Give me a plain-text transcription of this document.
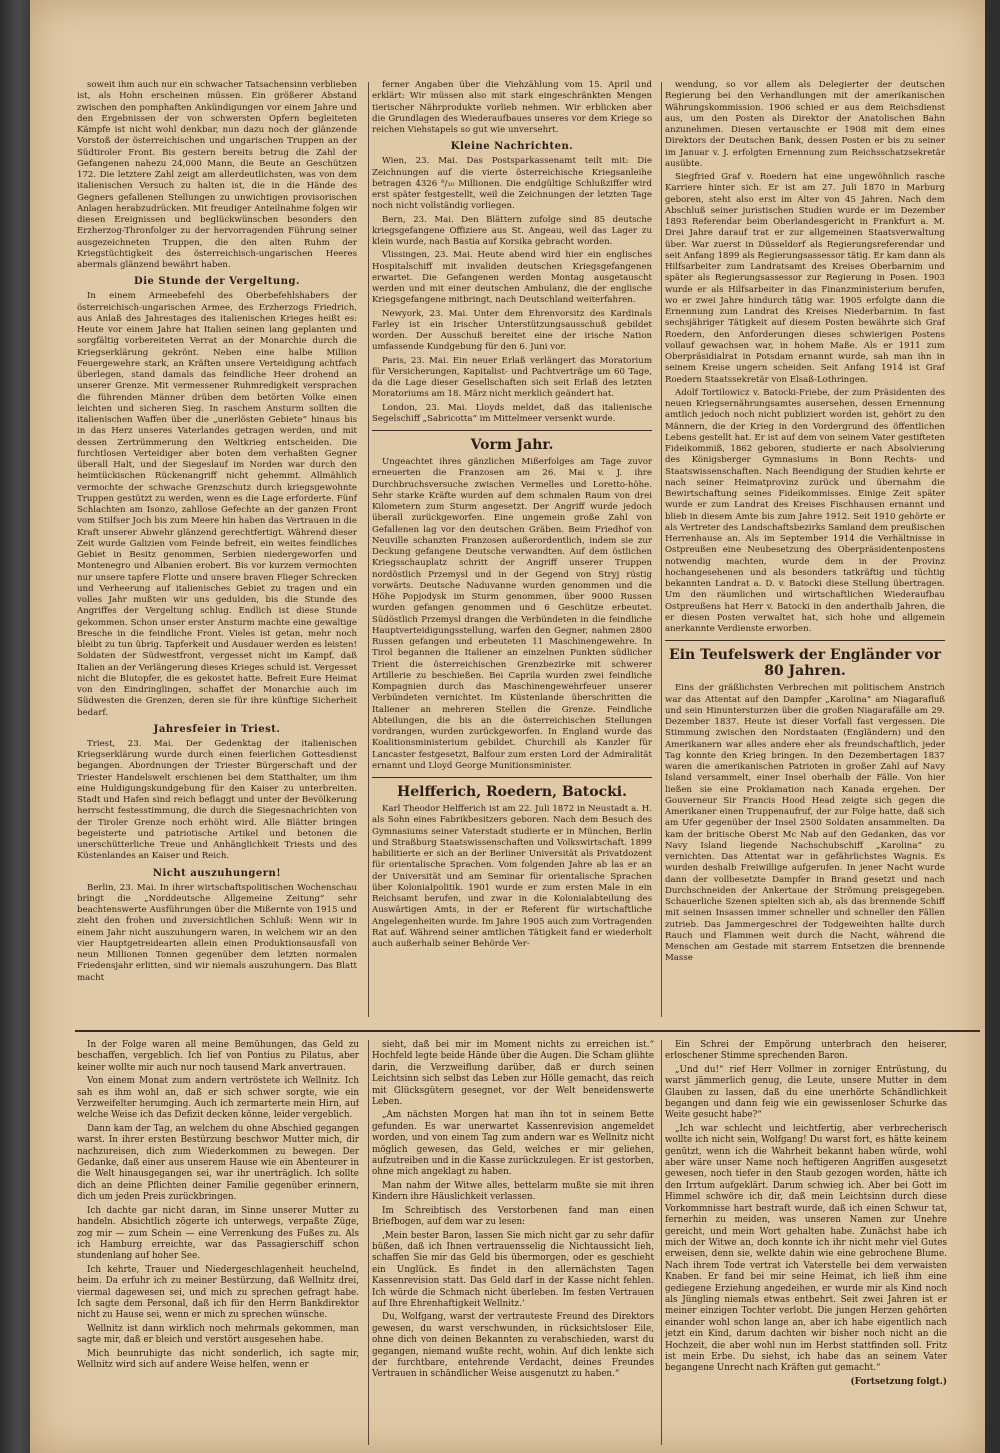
soweit ihm auch nur ein schwacher Tatsachensinn verblieben ist, als Hohn erscheinen müssen. Ein größerer Abstand zwischen den pomphaften Ankündigungen vor einem Jahre und den Ergebnissen der von schwersten Opfern begleiteten Kämpfe ist nicht wohl denkbar, nun dazu noch der glänzende Vorstoß der österreichischen und ungarischen Truppen an der Südtiroler Front. Bis gestern bereits betrug die Zahl der Gefangenen nahezu 24,000 Mann, die Beute an Geschützen 172. Die letztere Zahl zeigt am allerdeutlichsten, was von dem italienischen Versuch zu halten ist, die in die Hände des Gegners gefallenen Stellungen zu unwichtigen provisorischen Anlagen herabzudrücken. Mit freudiger Anteilnahme folgen wir diesen Ereignissen und beglückwünschen besonders den Erzherzog-Thronfolger zu der hervorragenden Führung seiner ausgezeichneten Truppen, die den alten Ruhm der Kriegstüchtigkeit des österreichisch-ungarischen Heeres abermals glänzend bewährt haben.

Die Stunde der Vergeltung.

In einem Armeebefehl des Oberbefehlshabers der österreichisch-ungarischen Armee, des Erzherzogs Friedrich, aus Anlaß des Jahrestages des italienischen Krieges heißt es: Heute vor einem Jahre hat Italien seinen lang geplanten und sorgfältig vorbereiteten Verrat an der Monarchie durch die Kriegserklärung gekrönt. Neben eine halbe Million Feuergewehre stark, an Kräften unsere Verteidigung achtfach überlegen, stand damals das feindliche Heer drohend an unserer Grenze. Mit vermessener Ruhmredigkeit versprachen die führenden Männer drüben dem betörten Volke einen leichten und sicheren Sieg. In raschem Ansturm sollten die italienischen Waffen über die „unerlösten Gebiete“ hinaus bis in das Herz unseres Vaterlandes getragen werden, und mit dessen Zertrümmerung den Weltkrieg entscheiden. Die furchtlosen Verteidiger aber boten dem verhaßten Gegner überall Halt, und der Siegeslauf im Norden war durch den heimtückischen Rückenangriff nicht gehemmt. Allmählich vermochte der schwache Grenzschutz durch kriegsgewohnte Truppen gestützt zu werden, wenn es die Lage erforderte. Fünf Schlachten am Isonzo, zahllose Gefechte an der ganzen Front vom Stilfser Joch bis zum Meere hin haben das Vertrauen in die Kraft unserer Abwehr glänzend gerechtfertigt. Während dieser Zeit wurde Galizien vom Feinde befreit, ein weites feindliches Gebiet in Besitz genommen, Serbien niedergeworfen und Montenegro und Albanien erobert. Bis vor kurzem vermochten nur unsere tapfere Flotte und unsere braven Flieger Schrecken und Verheerung auf italienisches Gebiet zu tragen und ein volles Jahr mußten wir uns gedulden, bis die Stunde des Angriffes der Vergeltung schlug. Endlich ist diese Stunde gekommen. Schon unser erster Ansturm machte eine gewaltige Bresche in die feindliche Front. Vieles ist getan, mehr noch bleibt zu tun übrig. Tapferkeit und Ausdauer werden es leisten! Soldaten der Südwestfront, vergesset nicht im Kampf, daß Italien an der Verlängerung dieses Krieges schuld ist. Vergesset nicht die Blutopfer, die es gekostet hatte. Befreit Eure Heimat von den Eindringlingen, schaffet der Monarchie auch im Südwesten die Grenzen, deren sie für ihre künftige Sicherheit bedarf.

Jahresfeier in Triest.

Triest, 23. Mai. Der Gedenktag der italienischen Kriegserklärung wurde durch einen feierlichen Gottesdienst begangen. Abordnungen der Triester Bürgerschaft und der Triester Handelswelt erschienen bei dem Statthalter, um ihm eine Huldigungskundgebung für den Kaiser zu unterbreiten. Stadt und Hafen sind reich beflaggt und unter der Bevölkerung herrscht festesstimmung, die durch die Siegesnachrichten von der Tiroler Grenze noch erhöht wird. Alle Blätter bringen begeisterte und patriotische Artikel und betonen die unerschütterliche Treue und Anhänglichkeit Triests und des Küstenlandes an Kaiser und Reich.

Nicht auszuhungern!

Berlin, 23. Mai. In ihrer wirtschaftspolitischen Wochenschau bringt die „Norddeutsche Allgemeine Zeitung“ sehr beachtenswerte Ausführungen über die Mißernte von 1915 und zieht den frohen und zuversichtlichen Schluß: Wenn wir in einem Jahr nicht auszuhungern waren, in welchem wir an den vier Hauptgetreidearten allein einen Produktionsausfall von neun Millionen Tonnen gegenüber dem letzten normalen Friedensjahr erlitten, sind wir niemals auszuhungern. Das Blatt macht

ferner Angaben über die Viehzählung vom 15. April und erklärt: Wir müssen also mit stark eingeschränkten Mengen tierischer Nährprodukte vorlieb nehmen. Wir erblicken aber die Grundlagen des Wiederaufbaues unseres vor dem Kriege so reichen Viehstapels so gut wie unversehrt.

Kleine Nachrichten.

Wien, 23. Mai. Das Postsparkassenamt teilt mit: Die Zeichnungen auf die vierte österreichische Kriegsanleihe betragen 4326 ⁸/₁₀ Millionen. Die endgültige Schlußziffer wird erst später festgestellt, weil die Zeichnungen der letzten Tage noch nicht vollständig vorliegen.

Bern, 23. Mai. Den Blättern zufolge sind 85 deutsche kriegsgefangene Offiziere aus St. Angeau, weil das Lager zu klein wurde, nach Bastia auf Korsika gebracht worden.

Vlissingen, 23. Mai. Heute abend wird hier ein englisches Hospitalschiff mit invaliden deutschen Kriegsgefangenen erwartet. Die Gefangenen werden Montag ausgetauscht werden und mit einer deutschen Ambulanz, die der englische Kriegsgefangene mitbringt, nach Deutschland weiterfahren.

Newyork, 23. Mai. Unter dem Ehrenvorsitz des Kardinals Farley ist ein Irischer Unterstützungsausschuß gebildet worden. Der Ausschuß bereitet eine der irische Nation umfassende Kundgebung für den 6. Juni vor.

Paris, 23. Mai. Ein neuer Erlaß verlängert das Moratorium für Versicherungen, Kapitalist- und Pachtverträge um 60 Tage, da die Lage dieser Gesellschaften sich seit Erlaß des letzten Moratoriums am 18. März nicht merklich geändert hat.

London, 23. Mai. Lloyds meldet, daß das italienische Segelschiff „Sabricotta“ im Mittelmeer versenkt wurde.

Vorm Jahr.

Ungeachtet ihres gänzlichen Mißerfolges am Tage zuvor erneuerten die Franzosen am 26. Mai v. J. ihre Durchbruchsversuche zwischen Vermelles und Loretto-höhe. Sehr starke Kräfte wurden auf dem schmalen Raum von drei Kilometern zum Sturm angesetzt. Der Angriff wurde jedoch überall zurückgeworfen. Eine ungemein große Zahl von Gefallenen lag vor den deutschen Gräben. Beim Friedhof von Neuville schanzten Franzosen außerordentlich, indem sie zur Deckung gefangene Deutsche verwandten. Auf dem östlichen Kriegsschauplatz schritt der Angriff unserer Truppen nordöstlich Przemysl und in der Gegend von Stryj rüstig vorwärts. Deutsche Naduvanne wurden genommen und die Höhe Popjodysk im Sturm genommen, über 9000 Russen wurden gefangen genommen und 6 Geschütze erbeutet. Südöstlich Przemysl drangen die Verbündeten in die feindliche Hauptverteidigungsstellung, warfen den Gegner, nahmen 2800 Russen gefangen und erbeuteten 11 Maschinengewehre. In Tirol begannen die Italiener an einzelnen Punkten südlicher Trient die österreichischen Grenzbezirke mit schwerer Artillerie zu beschießen. Bei Caprila wurden zwei feindliche Kompagnien durch das Maschinengewehrfeuer unserer Verbündeten vernichtet. Im Küstenlande überschritten die Italiener an mehreren Stellen die Grenze. Feindliche Abteilungen, die bis an die österreichischen Stellungen vordrangen, wurden zurückgeworfen. In England wurde das Koalitionsministerium gebildet. Churchill als Kanzler für Lancaster festgesetzt, Balfour zum ersten Lord der Admiralität ernannt und Lloyd George Munitionsminister.

Helfferich, Roedern, Batocki.

Karl Theodor Helfferich ist am 22. Juli 1872 in Neustadt a. H. als Sohn eines Fabrikbesitzers geboren. Nach dem Besuch des Gymnasiums seiner Vaterstadt studierte er in München, Berlin und Straßburg Staatswissenschaften und Volkswirtschaft. 1899 habilitierte er sich an der Berliner Universität als Privatdozent für orientalische Sprachen. Vom folgenden Jahre ab las er an der Universität und am Seminar für orientalische Sprachen über Kolonialpolitik. 1901 wurde er zum ersten Male in ein Reichsamt berufen, und zwar in die Kolonialabteilung des Auswärtigen Amts, in der er Referent für wirtschaftliche Angelegenheiten wurde. Im Jahre 1905 auch zum Vortragenden Rat auf. Während seiner amtlichen Tätigkeit fand er wiederholt auch außerhalb seiner Behörde Ver-

wendung, so vor allem als Delegierter der deutschen Regierung bei den Verhandlungen mit der amerikanischen Währungskommission. 1906 schied er aus dem Reichsdienst aus, um den Posten als Direktor der Anatolischen Bahn anzunehmen. Diesen vertauschte er 1908 mit dem eines Direktors der Deutschen Bank, dessen Posten er bis zu seiner im Januar v. J. erfolgten Ernennung zum Reichsschatzsekretär ausübte.

Siegfried Graf v. Roedern hat eine ungewöhnlich rasche Karriere hinter sich. Er ist am 27. Juli 1870 in Marburg geboren, steht also erst im Alter von 45 Jahren. Nach dem Abschluß seiner juristischen Studien wurde er im Dezember 1893 Referendar beim Oberlandesgericht in Frankfurt a. M. Drei Jahre darauf trat er zur allgemeinen Staatsverwaltung über. War zuerst in Düsseldorf als Regierungsreferendar und seit Anfang 1899 als Regierungsassessor tätig. Er kam dann als Hilfsarbeiter zum Landratsamt des Kreises Oberbarnim und später als Regierungsassessor zur Regierung in Posen. 1903 wurde er als Hilfsarbeiter in das Finanzministerium berufen, wo er zwei Jahre hindurch tätig war. 1905 erfolgte dann die Ernennung zum Landrat des Kreises Niederbarnim. In fast sechsjähriger Tätigkeit auf diesem Posten bewährte sich Graf Roedern, den Anforderungen dieses schwierigen Postens vollauf gewachsen war, in hohem Maße. Als er 1911 zum Oberpräsidialrat in Potsdam ernannt wurde, sah man ihn in seinem Kreise ungern scheiden. Seit Anfang 1914 ist Graf Roedern Staatssekretär von Elsaß-Lothringen.

Adolf Tortilowicz v. Batocki-Friebe, der zum Präsidenten des neuen Kriegsernährungsamtes ausersehen, dessen Ernennung amtlich jedoch noch nicht publiziert worden ist, gehört zu den Männern, die der Krieg in den Vordergrund des öffentlichen Lebens gestellt hat. Er ist auf dem von seinem Vater gestifteten Fideikommiß, 1862 geboren, studierte er nach Absolvierung des Königsberger Gymnasiums in Bonn Rechts- und Staatswissenschaften. Nach Beendigung der Studien kehrte er nach seiner Heimatprovinz zurück und übernahm die Bewirtschaftung seines Fideikommisses. Einige Zeit später wurde er zum Landrat des Kreises Fischhausen ernannt und blieb in diesem Amte bis zum Jahre 1912. Seit 1910 gehörte er als Vertreter des Landschaftsbezirks Samland dem preußischen Herrenhause an. Als im September 1914 die Verhältnisse in Ostpreußen eine Neubesetzung des Oberpräsidentenpostens notwendig machten, wurde dem in der Provinz hochangesehenen und als besonders tatkräftig und tüchtig bekannten Landrat a. D. v. Batocki diese Stellung übertragen. Um den räumlichen und wirtschaftlichen Wiederaufbau Ostpreußens hat Herr v. Batocki in den anderthalb Jahren, die er diesen Posten verwaltet hat, sich hohe und allgemein anerkannte Verdienste erworben.

Ein Teufelswerk der Engländer vor 80 Jahren.

Eins der gräßlichsten Verbrechen mit politischem Anstrich war das Attentat auf den Dampfer „Karolina“ am Niagarafluß und sein Hinuntersturzen über die großen Niagarafälle am 29. Dezember 1837. Heute ist dieser Vorfall fast vergessen. Die Stimmung zwischen den Nordstaaten (Engländern) und den Amerikanern war alles andere eher als freundschaftlich, jeder Tag konnte den Krieg bringen. In den Dezembertagen 1837 waren die amerikanischen Patrioten in großer Zahl auf Navy Island versammelt, einer Insel oberhalb der Fälle. Von hier ließen sie eine Proklamation nach Kanada ergehen. Der Gouverneur Sir Francis Hood Head zeigte sich gegen die Amerikaner einen Truppenaufruf, der zur Folge hatte, daß sich am Ufer gegenüber der Insel 2500 Soldaten ansammelten. Da kam der britische Oberst Mc Nab auf den Gedanken, das vor Navy Island liegende Nachschubschiff „Karolina“ zu vernichten. Das Attentat war in gefährlichstes Wagnis. Es wurden deshalb Freiwillige aufgerufen. In jener Nacht wurde dann der vollbesetzte Dampfer in Brand gesetzt und nach Durchschneiden der Ankertaue der Strömung preisgegeben. Schauerliche Szenen spielten sich ab, als das brennende Schiff mit seinen Insassen immer schneller und schneller den Fällen zutrieb. Das Jammergeschrei der Todgeweihten hallte durch Rauch und Flammen weit durch die Nacht, während die Menschen am Gestade mit starrem Entsetzen die brennende Masse

In der Folge waren all meine Bemühungen, das Geld zu beschaffen, vergeblich. Ich lief von Pontius zu Pilatus, aber keiner wollte mir auch nur noch tausend Mark anvertrauen.

Von einem Monat zum andern vertröstete ich Wellnitz. Ich sah es ihm wohl an, daß er sich schwer sorgte, wie ein Verzweifelter herumging. Auch ich zermarterte mein Hirn, auf welche Weise ich das Defizit decken könne, leider vergeblich.

Dann kam der Tag, an welchem du ohne Abschied gegangen warst. In ihrer ersten Bestürzung beschwor Mutter mich, dir nachzureisen, dich zum Wiederkommen zu bewegen. Der Gedanke, daß einer aus unserem Hause wie ein Abenteurer in die Welt hinausgegangen sei, war ihr unerträglich. Ich sollte dich an deine Pflichten deiner Familie gegenüber erinnern, dich um jeden Preis zurückbringen.

Ich dachte gar nicht daran, im Sinne unserer Mutter zu handeln. Absichtlich zögerte ich unterwegs, verpaßte Züge, zog mir — zum Schein — eine Verrenkung des Fußes zu. Als ich Hamburg erreichte, war das Passagierschiff schon stundenlang auf hoher See.

Ich kehrte, Trauer und Niedergeschlagenheit heuchelnd, heim. Da erfuhr ich zu meiner Bestürzung, daß Wellnitz drei, viermal dagewesen sei, und mich zu sprechen gefragt habe. Ich sagte dem Personal, daß ich für den Herrn Bankdirektor nicht zu Hause sei, wenn er mich zu sprechen wünsche.

Wellnitz ist dann wirklich noch mehrmals gekommen, man sagte mir, daß er bleich und verstört ausgesehen habe.

Mich beunruhigte das nicht sonderlich, ich sagte mir, Wellnitz wird sich auf andere Weise helfen, wenn er

sieht, daß bei mir im Moment nichts zu erreichen ist.“ Hochfeld legte beide Hände über die Augen. Die Scham glühte darin, die Verzweiflung darüber, daß er durch seinen Leichtsinn sich selbst das Leben zur Hölle gemacht, das reich mit Glücksgütern gesegnet, vor der Welt beneidenswerte Leben.

„Am nächsten Morgen hat man ihn tot in seinem Bette gefunden. Es war unerwartet Kassenrevision angemeldet worden, und von einem Tag zum andern war es Wellnitz nicht möglich gewesen, das Geld, welches er mir geliehen, aufzutreiben und in die Kasse zurückzulegen. Er ist gestorben, ohne mich angeklagt zu haben.

Man nahm der Witwe alles, bettelarm mußte sie mit ihren Kindern ihre Häuslichkeit verlassen.

Im Schreibtisch des Verstorbenen fand man einen Briefbogen, auf dem war zu lesen:

‚Mein bester Baron, lassen Sie mich nicht gar zu sehr dafür büßen, daß ich Ihnen vertrauensselig die Nichtaussicht lieh, schaffen Sie mir das Geld bis übermorgen, oder es geschieht ein Unglück. Es findet in den allernächsten Tagen Kassenrevision statt. Das Geld darf in der Kasse nicht fehlen. Ich würde die Schmach nicht überleben. Im festen Vertrauen auf Ihre Ehrenhaftigkeit Wellnitz.‘

Du, Wolfgang, warst der vertrauteste Freund des Direktors gewesen, du warst verschwunden, in rücksichtsloser Eile, ohne dich von deinen Bekannten zu verabschieden, warst du gegangen, niemand wußte recht, wohin. Auf dich lenkte sich der furchtbare, entehrende Verdacht, deines Freundes Vertrauen in schändlicher Weise ausgenutzt zu haben.“

Ein Schrei der Empörung unterbrach den heiserer, erloschener Stimme sprechenden Baron.

„Und du!“ rief Herr Vollmer in zorniger Entrüstung, du warst jämmerlich genug, die Leute, unsere Mutter in dem Glauben zu lassen, daß du eine unerhörte Schändlichkeit begangen und dann feig wie ein gewissenloser Schurke das Weite gesucht habe?“

„Ich war schlecht und leichtfertig, aber verbrecherisch wollte ich nicht sein, Wolfgang! Du warst fort, es hätte keinem genützt, wenn ich die Wahrheit bekannt haben würde, wohl aber wäre unser Name noch heftigeren Angriffen ausgesetzt gewesen, noch tiefer in den Staub gezogen worden, hätte ich den Irrtum aufgeklärt. Darum schwieg ich. Aber bei Gott im Himmel schwöre ich dir, daß mein Leichtsinn durch diese Vorkommnisse hart bestraft wurde, daß ich einen Schwur tat, fernerhin zu meiden, was unseren Namen zur Unehre gereicht, und mein Wort gehalten habe. Zunächst habe ich mich der Witwe an, doch konnte ich ihr nicht mehr viel Gutes erweisen, denn sie, welkte dahin wie eine gebrochene Blume. Nach ihrem Tode vertrat ich Vaterstelle bei dem verwaisten Knaben. Er fand bei mir seine Heimat, ich ließ ihm eine gediegene Erziehung angedeihen, er wurde mir als Kind noch als Jüngling niemals etwas entbehrt. Seit zwei Jahren ist er meiner einzigen Tochter verlobt. Die jungen Herzen gehörten einander wohl schon lange an, aber ich habe eigentlich nach jetzt ein Kind, darum dachten wir bisher noch nicht an die Hochzeit, die aber wohl nun im Herbst stattfinden soll. Fritz ist mein Erbe. Du siehst, ich habe das an seinem Vater begangene Unrecht nach Kräften gut gemacht.“

(Fortsetzung folgt.)
